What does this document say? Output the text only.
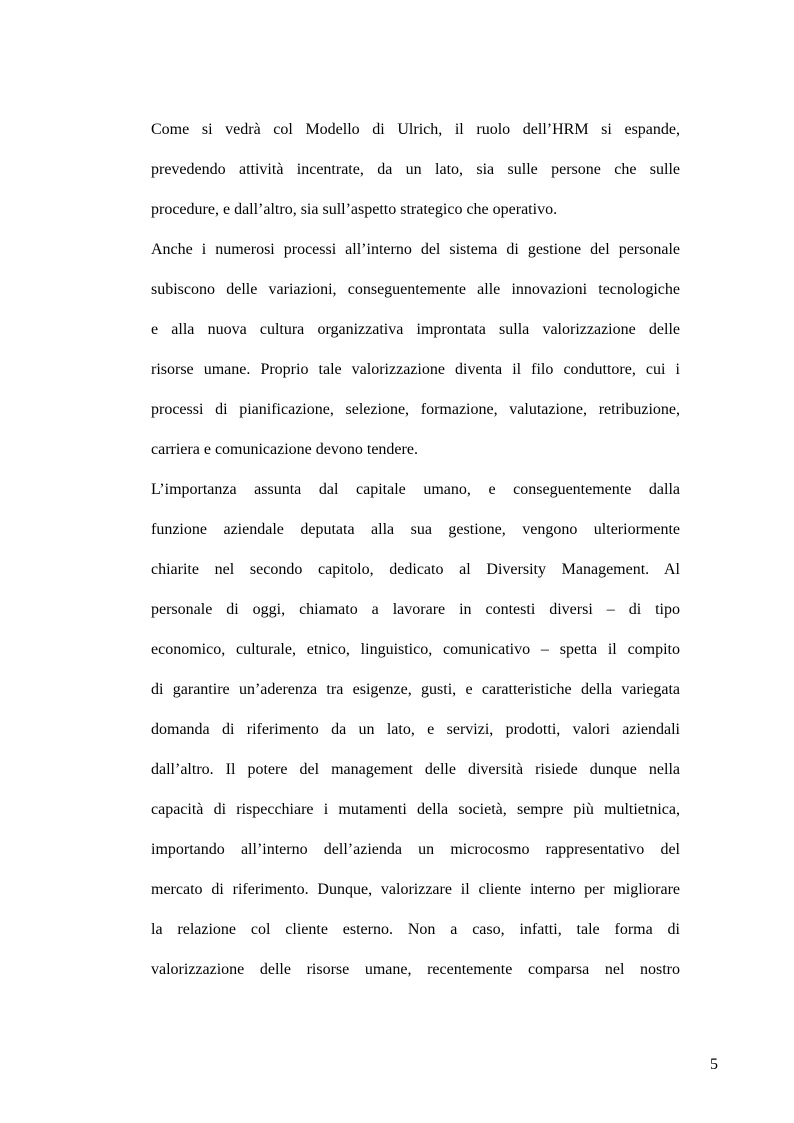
Come si vedrà col Modello di Ulrich, il ruolo dell’HRM si espande,
prevedendo attività incentrate, da un lato, sia sulle persone che sulle
procedure, e dall’altro, sia sull’aspetto strategico che operativo.
Anche i numerosi processi all’interno del sistema di gestione del personale
subiscono delle variazioni, conseguentemente alle innovazioni tecnologiche
e alla nuova cultura organizzativa improntata sulla valorizzazione delle
risorse umane. Proprio tale valorizzazione diventa il filo conduttore, cui i
processi di pianificazione, selezione, formazione, valutazione, retribuzione,
carriera e comunicazione devono tendere.
L’importanza assunta dal capitale umano, e conseguentemente dalla
funzione aziendale deputata alla sua gestione, vengono ulteriormente
chiarite nel secondo capitolo, dedicato al Diversity Management. Al
personale di oggi, chiamato a lavorare in contesti diversi – di tipo
economico, culturale, etnico, linguistico, comunicativo – spetta il compito
di garantire un’aderenza tra esigenze, gusti, e caratteristiche della variegata
domanda di riferimento da un lato, e servizi, prodotti, valori aziendali
dall’altro. Il potere del management delle diversità risiede dunque nella
capacità di rispecchiare i mutamenti della società, sempre più multietnica,
importando all’interno dell’azienda un microcosmo rappresentativo del
mercato di riferimento. Dunque, valorizzare il cliente interno per migliorare
la relazione col cliente esterno. Non a caso, infatti, tale forma di
valorizzazione delle risorse umane, recentemente comparsa nel nostro
5
